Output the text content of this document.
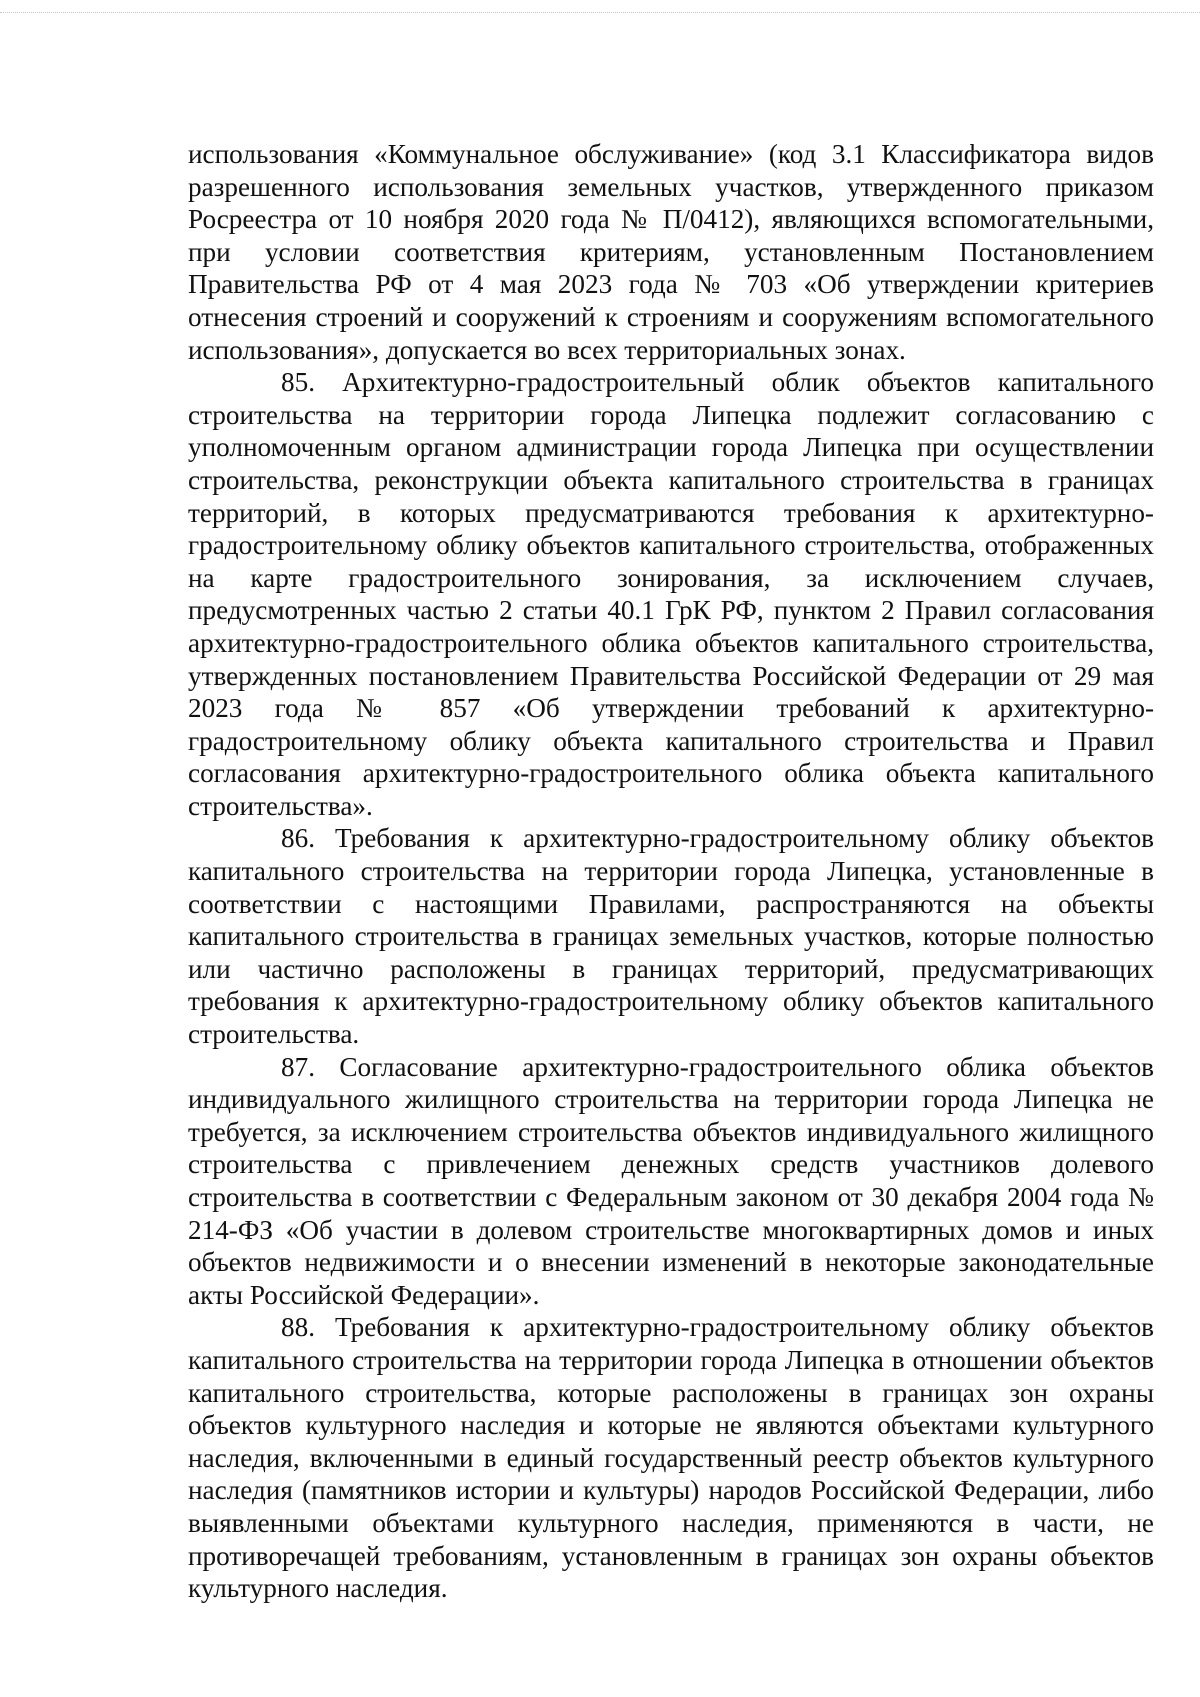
использования «Коммунальное обслуживание» (код 3.1 Классификатора видов разрешенного использования земельных участков, утвержденного приказом Росреестра от 10 ноября 2020 года № П/0412), являющихся вспомогательными, при условии соответствия критериям, установленным Постановлением Правительства РФ от 4 мая 2023 года № 703 «Об утверждении критериев отнесения строений и сооружений к строениям и сооружениям вспомогательного использования», допускается во всех территориальных зонах.

85. Архитектурно-градостроительный облик объектов капитального строительства на территории города Липецка подлежит согласованию с уполномоченным органом администрации города Липецка при осуществлении строительства, реконструкции объекта капитального строительства в границах территорий, в которых предусматриваются требования к архитектурно-градостроительному облику объектов капитального строительства, отображенных на карте градостроительного зонирования, за исключением случаев, предусмотренных частью 2 статьи 40.1 ГрК РФ, пунктом 2 Правил согласования архитектурно-градостроительного облика объектов капитального строительства, утвержденных постановлением Правительства Российской Федерации от 29 мая 2023 года № 857 «Об утверждении требований к архитектурно-градостроительному облику объекта капитального строительства и Правил согласования архитектурно-градостроительного облика объекта капитального строительства».

86. Требования к архитектурно-градостроительному облику объектов капитального строительства на территории города Липецка, установленные в соответствии с настоящими Правилами, распространяются на объекты капитального строительства в границах земельных участков, которые полностью или частично расположены в границах территорий, предусматривающих требования к архитектурно-градостроительному облику объектов капитального строительства.

87. Согласование архитектурно-градостроительного облика объектов индивидуального жилищного строительства на территории города Липецка не требуется, за исключением строительства объектов индивидуального жилищного строительства с привлечением денежных средств участников долевого строительства в соответствии с Федеральным законом от 30 декабря 2004 года № 214-ФЗ «Об участии в долевом строительстве многоквартирных домов и иных объектов недвижимости и о внесении изменений в некоторые законодательные акты Российской Федерации».

88. Требования к архитектурно-градостроительному облику объектов капитального строительства на территории города Липецка в отношении объектов капитального строительства, которые расположены в границах зон охраны объектов культурного наследия и которые не являются объектами культурного наследия, включенными в единый государственный реестр объектов культурного наследия (памятников истории и культуры) народов Российской Федерации, либо выявленными объектами культурного наследия, применяются в части, не противоречащей требованиям, установленным в границах зон охраны объектов культурного наследия.
